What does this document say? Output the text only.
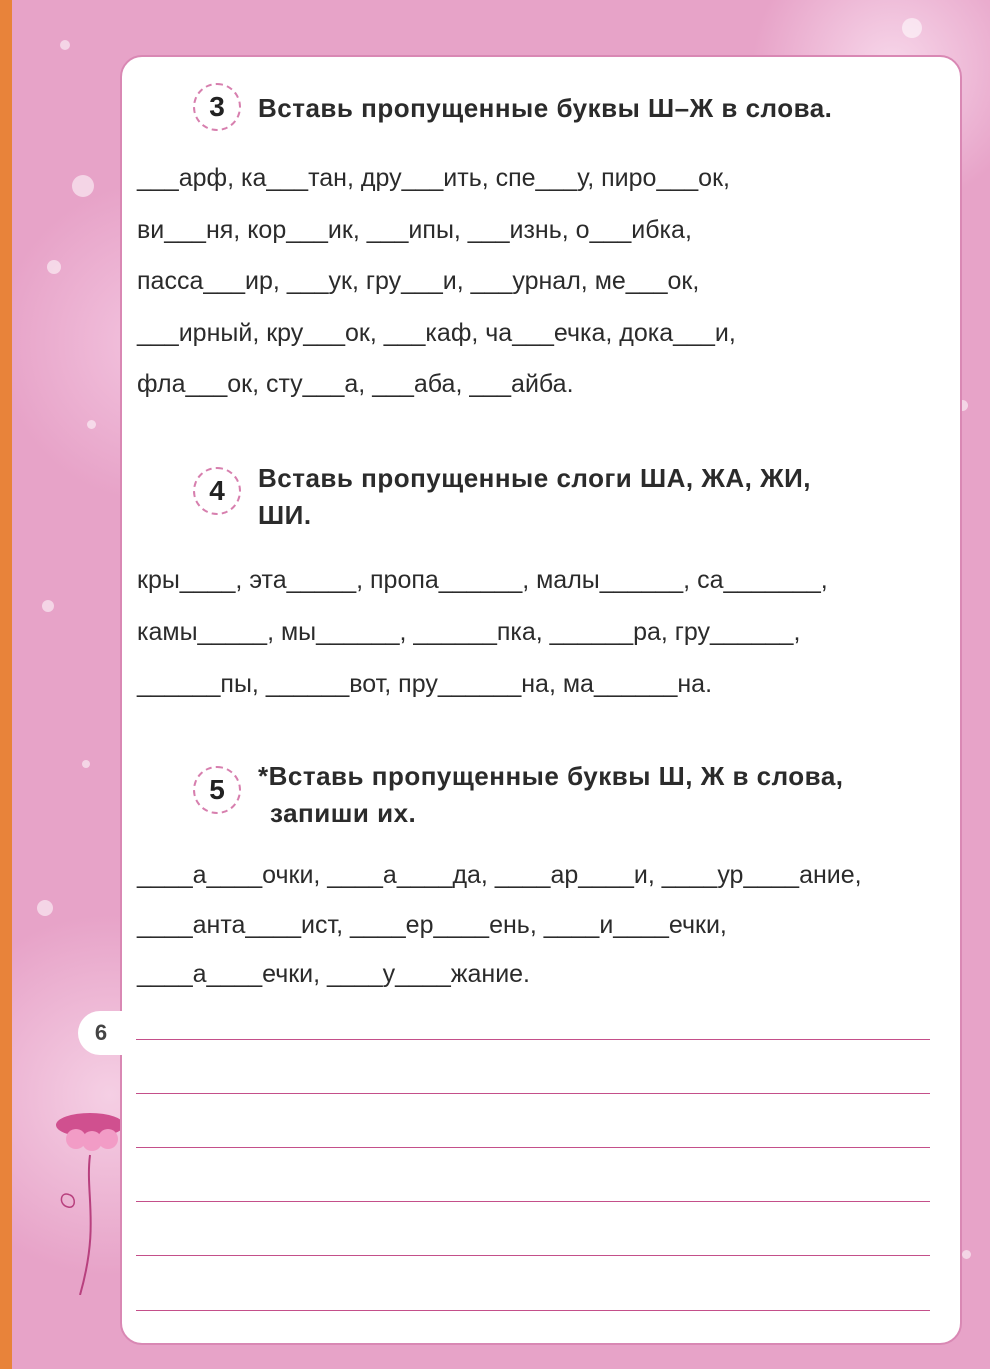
3	Вставь пропущенные буквы Ш–Ж в слова.
___арф, ка___тан, дру___ить, спе___у, пиро___ок,
ви___ня, кор___ик, ___ипы, ___изнь, о___ибка,
пасса___ир, ___ук, гру___и, ___урнал, ме___ок,
___ирный, кру___ок, ___каф, ча___ечка, дока___и,
фла___ок, сту___а, ___аба, ___айба.
4	Вставь пропущенные слоги ША, ЖА, ЖИ,
ШИ.
кры____, эта_____, пропа______, малы______, са_______,
камы_____, мы______, ______пка, ______ра, гру______,
______пы, ______вот, пру______на, ма______на.
5	*Вставь пропущенные буквы Ш, Ж в слова,
запиши их.
____а____очки, ____а____да, ____ар____и, ____ур____ание,
____анта____ист, ____ер____ень, ____и____ечки,
____а____ечки, ____у____жание.
6
